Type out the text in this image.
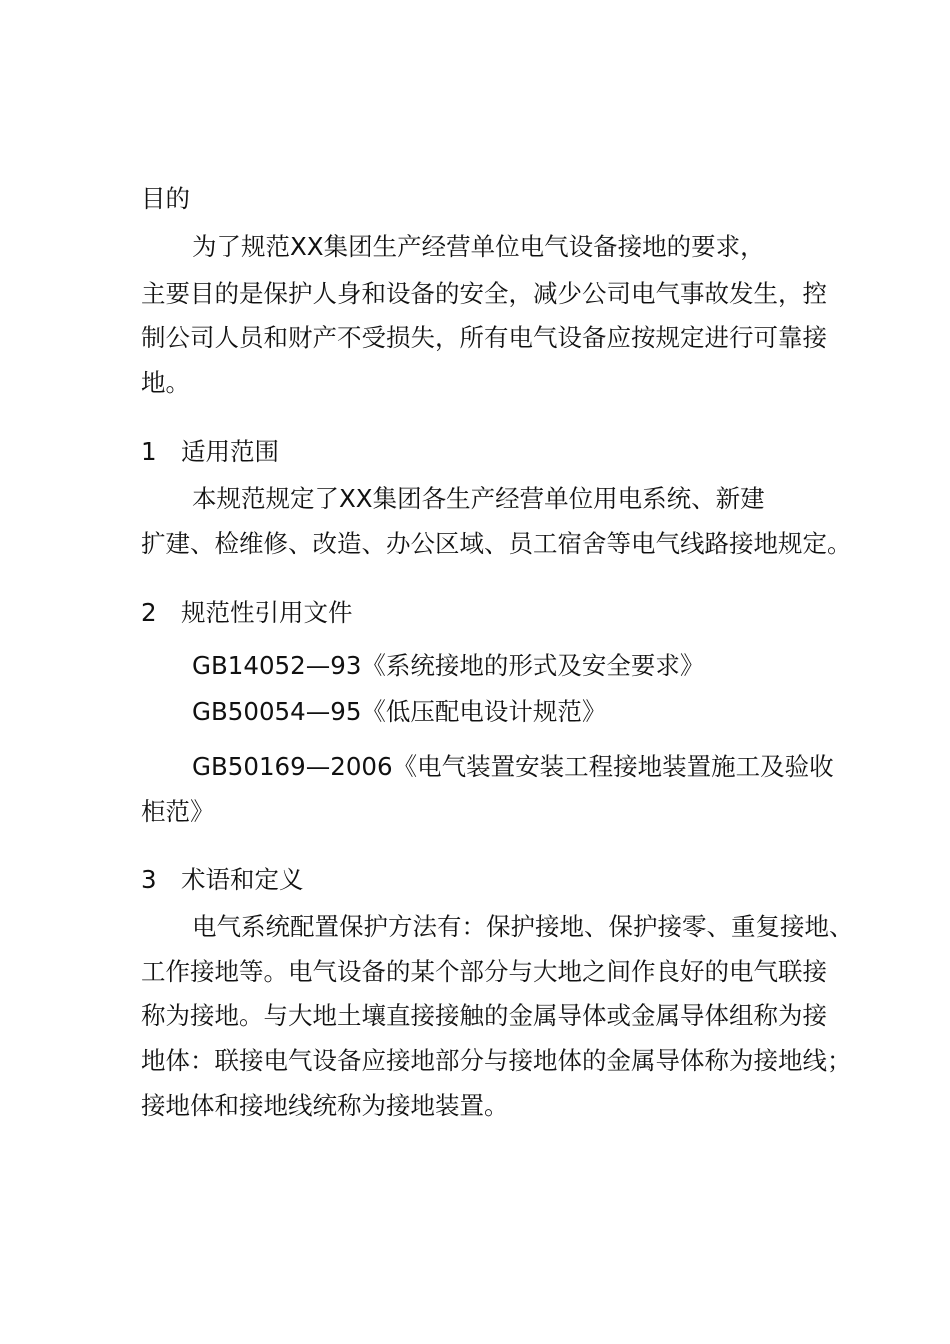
目的

为了规范XX集团生产经营单位电气设备接地的要求，

主要目的是保护人身和设备的安全，减少公司电气事故发生，控

制公司人员和财产不受损失，所有电气设备应按规定进行可靠接

地。

1 适用范围

本规范规定了XX集团各生产经营单位用电系统、新建

扩建、检维修、改造、办公区域、员工宿舍等电气线路接地规定。

2 规范性引用文件

GB14052—93《系统接地的形式及安全要求》

GB50054—95《低压配电设计规范》

GB50169—2006《电气装置安装工程接地装置施工及验收

柜范》

3 术语和定义

电气系统配置保护方法有：保护接地、保护接零、重复接地、

工作接地等。电气设备的某个部分与大地之间作良好的电气联接

称为接地。与大地土壤直接接触的金属导体或金属导体组称为接

地体：联接电气设备应接地部分与接地体的金属导体称为接地线；

接地体和接地线统称为接地装置。
